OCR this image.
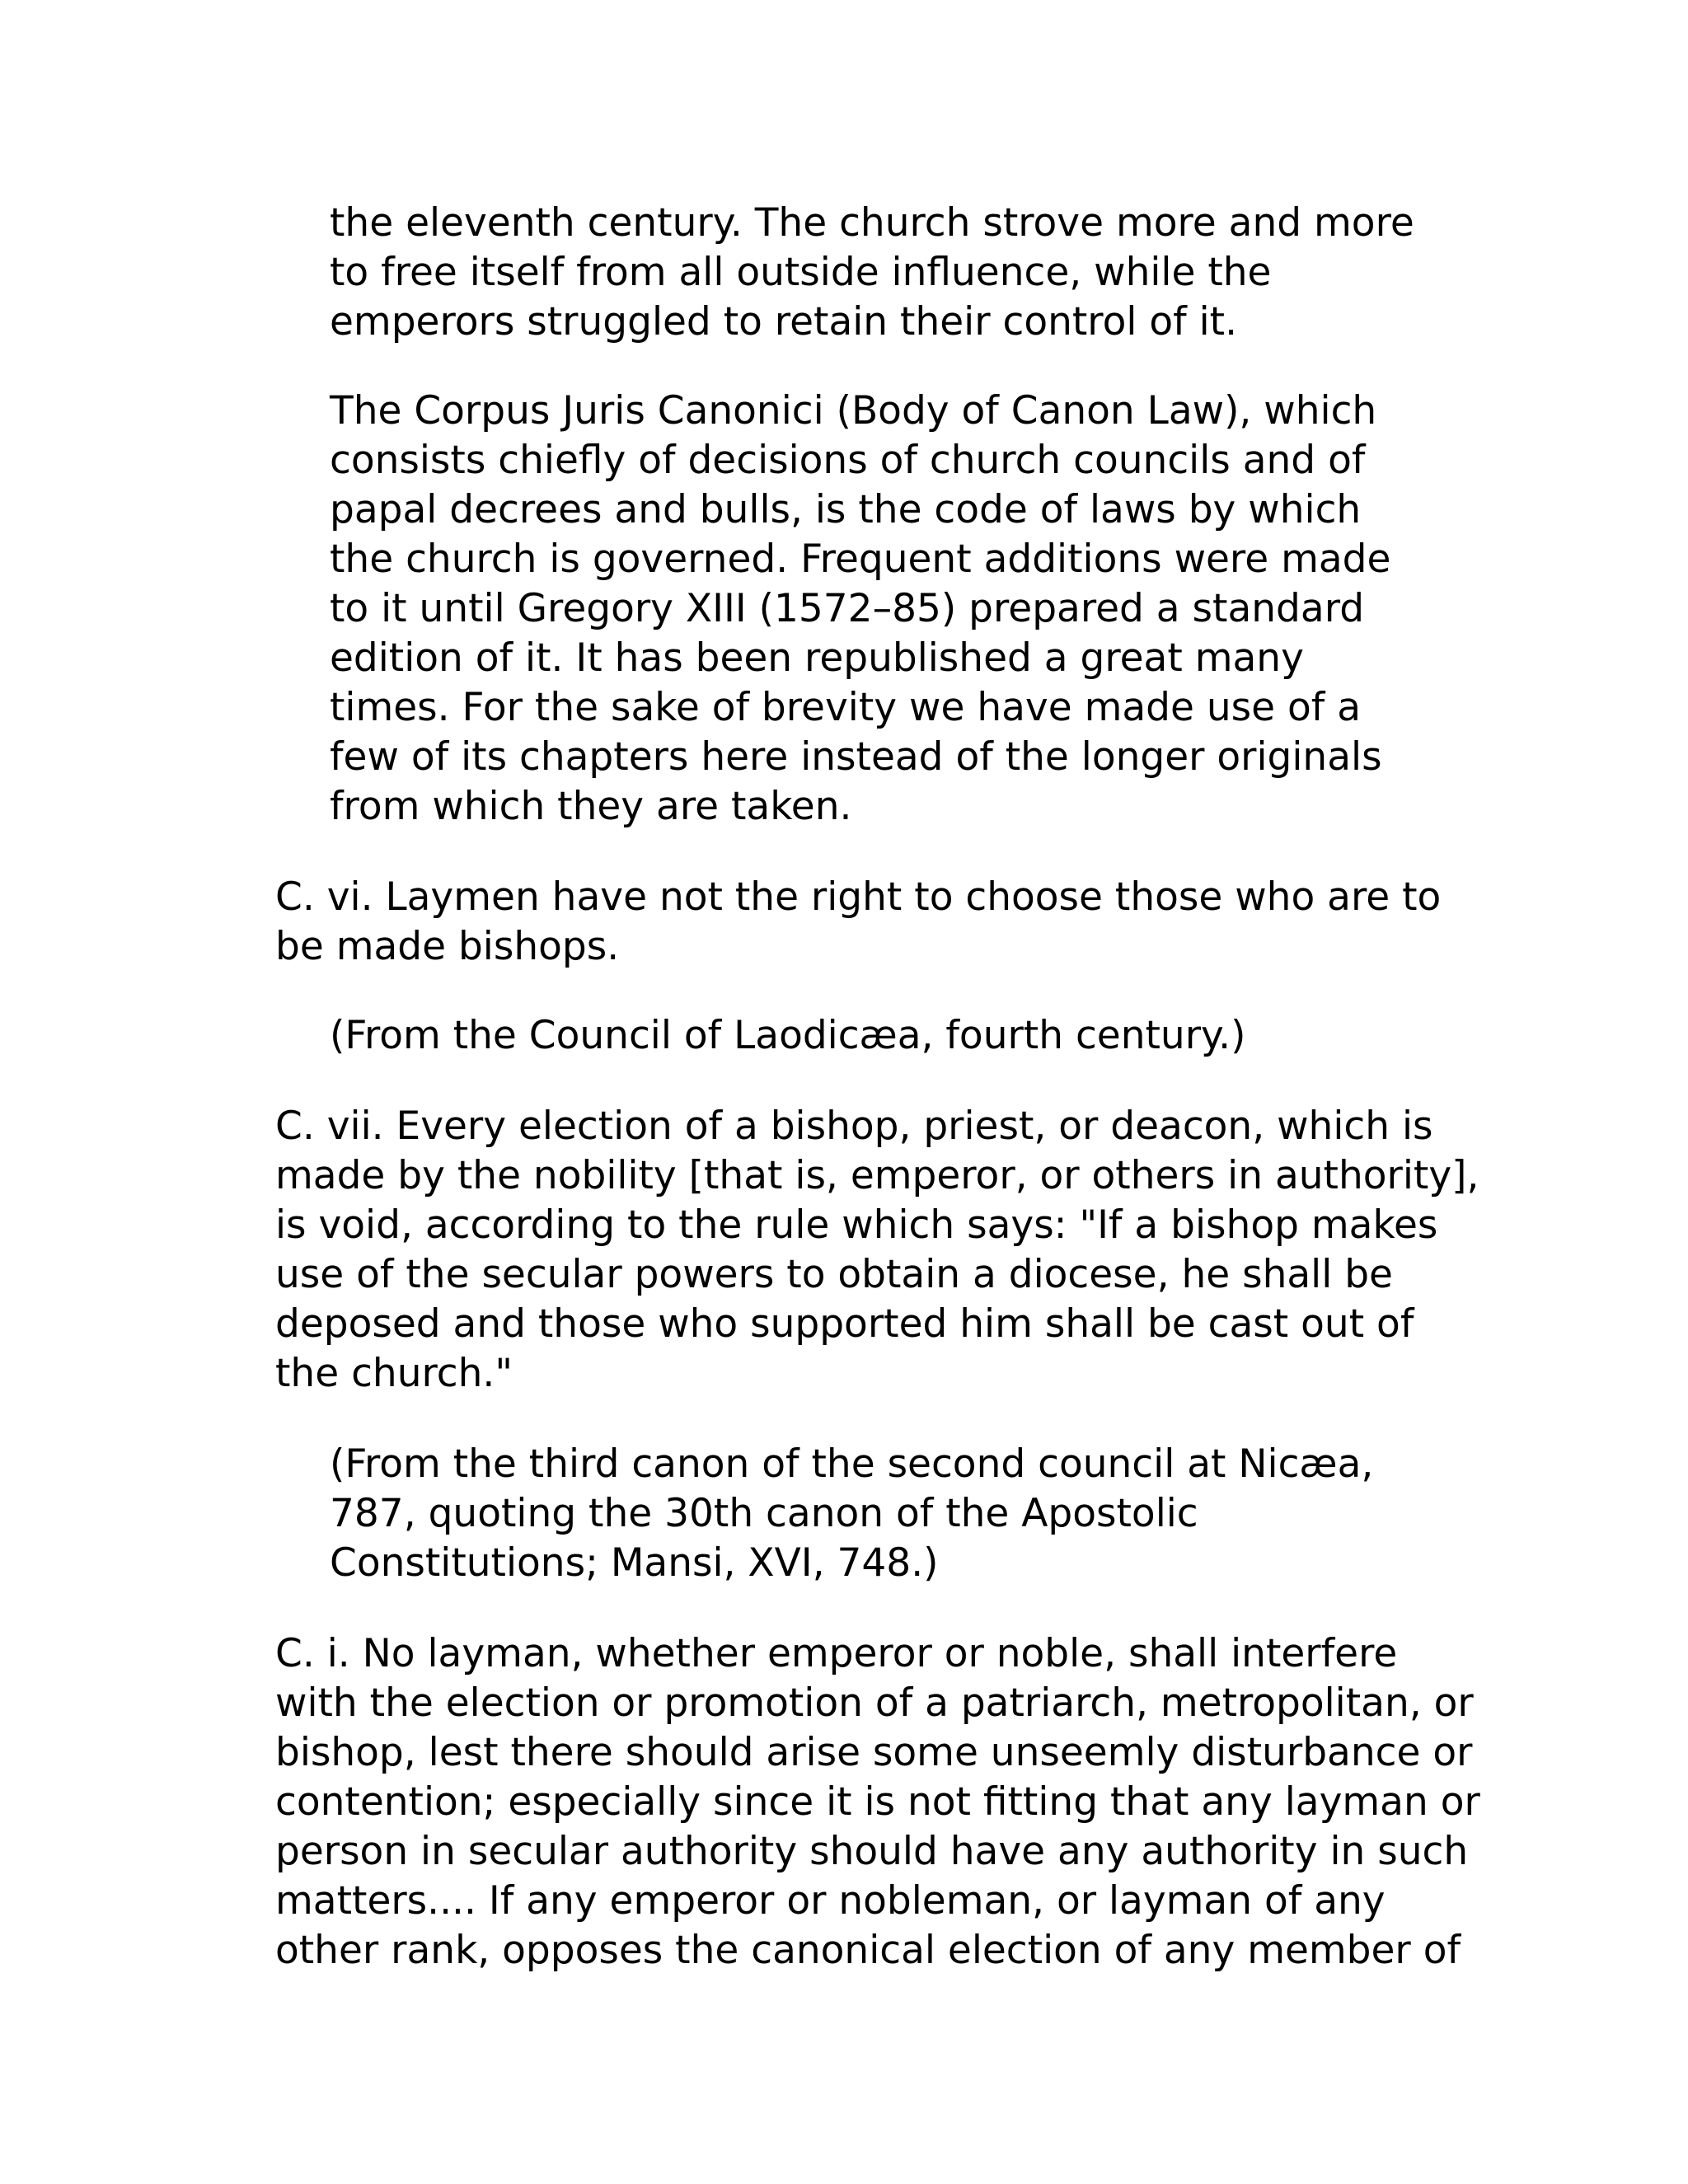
the eleventh century. The church strove more and more
to free itself from all outside influence, while the
emperors struggled to retain their control of it.

The Corpus Juris Canonici (Body of Canon Law), which
consists chiefly of decisions of church councils and of
papal decrees and bulls, is the code of laws by which
the church is governed. Frequent additions were made
to it until Gregory XIII (1572–85) prepared a standard
edition of it. It has been republished a great many
times. For the sake of brevity we have made use of a
few of its chapters here instead of the longer originals
from which they are taken.

C. vi. Laymen have not the right to choose those who are to
be made bishops.

(From the Council of Laodicæa, fourth century.)

C. vii. Every election of a bishop, priest, or deacon, which is
made by the nobility [that is, emperor, or others in authority],
is void, according to the rule which says: "If a bishop makes
use of the secular powers to obtain a diocese, he shall be
deposed and those who supported him shall be cast out of
the church."

(From the third canon of the second council at Nicæa,
787, quoting the 30th canon of the Apostolic
Constitutions; Mansi, XVI, 748.)

C. i. No layman, whether emperor or noble, shall interfere
with the election or promotion of a patriarch, metropolitan, or
bishop, lest there should arise some unseemly disturbance or
contention; especially since it is not fitting that any layman or
person in secular authority should have any authority in such
matters.... If any emperor or nobleman, or layman of any
other rank, opposes the canonical election of any member of
